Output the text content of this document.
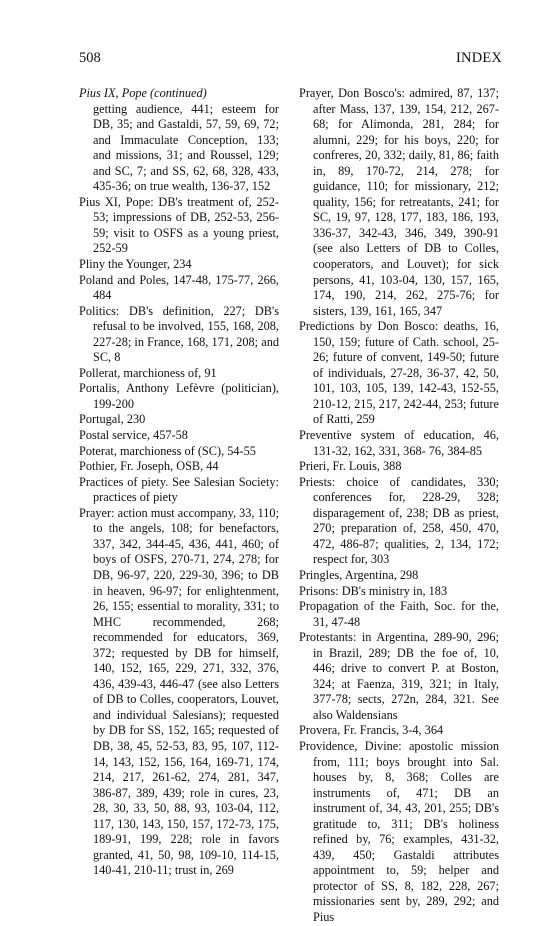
508	INDEX

Pius IX, Pope (continued)

getting audience, 441; esteem for DB, 35; and Gastaldi, 57, 59, 69, 72; and Immaculate Conception, 133; and missions, 31; and Roussel, 129; and SC, 7; and SS, 62, 68, 328, 433, 435-36; on true wealth, 136-37, 152

Pius XI, Pope: DB's treatment of, 252-53; impressions of DB, 252-53, 256-59; visit to OSFS as a young priest, 252-59

Pliny the Younger, 234

Poland and Poles, 147-48, 175-77, 266, 484

Politics: DB's definition, 227; DB's refusal to be involved, 155, 168, 208, 227-28; in France, 168, 171, 208; and SC, 8

Pollerat, marchioness of, 91

Portalis, Anthony Lefèvre (politician), 199-200

Portugal, 230

Postal service, 457-58

Poterat, marchioness of (SC), 54-55

Pothier, Fr. Joseph, OSB, 44

Practices of piety. See Salesian Society: practices of piety

Prayer: action must accompany, 33, 110; to the angels, 108; for benefactors, 337, 342, 344-45, 436, 441, 460; of boys of OSFS, 270-71, 274, 278; for DB, 96-97, 220, 229-30, 396; to DB in heaven, 96-97; for enlightenment, 26, 155; essential to morality, 331; to MHC recommended, 268; recommended for educators, 369, 372; requested by DB for himself, 140, 152, 165, 229, 271, 332, 376, 436, 439-43, 446-47 (see also Letters of DB to Colles, cooperators, Louvet, and individual Salesians); requested by DB for SS, 152, 165; requested of DB, 38, 45, 52-53, 83, 95, 107, 112-14, 143, 152, 156, 164, 169-71, 174, 214, 217, 261-62, 274, 281, 347, 386-87, 389, 439; role in cures, 23, 28, 30, 33, 50, 88, 93, 103-04, 112, 117, 130, 143, 150, 157, 172-73, 175, 189-91, 199, 228; role in favors granted, 41, 50, 98, 109-10, 114-15, 140-41, 210-11; trust in, 269

Prayer, Don Bosco's: admired, 87, 137; after Mass, 137, 139, 154, 212, 267-68; for Alimonda, 281, 284; for alumni, 229; for his boys, 220; for confreres, 20, 332; daily, 81, 86; faith in, 89, 170-72, 214, 278; for guidance, 110; for missionary, 212; quality, 156; for retreatants, 241; for SC, 19, 97, 128, 177, 183, 186, 193, 336-37, 342-43, 346, 349, 390-91 (see also Letters of DB to Colles, cooperators, and Louvet); for sick persons, 41, 103-04, 130, 157, 165, 174, 190, 214, 262, 275-76; for sisters, 139, 161, 165, 347

Predictions by Don Bosco: deaths, 16, 150, 159; future of Cath. school, 25-26; future of convent, 149-50; future of individuals, 27-28, 36-37, 42, 50, 101, 103, 105, 139, 142-43, 152-55, 210-12, 215, 217, 242-44, 253; future of Ratti, 259

Preventive system of education, 46, 131-32, 162, 331, 368- 76, 384-85

Prieri, Fr. Louis, 388

Priests: choice of candidates, 330; conferences for, 228-29, 328; disparagement of, 238; DB as priest, 270; preparation of, 258, 450, 470, 472, 486-87; qualities, 2, 134, 172; respect for, 303

Pringles, Argentina, 298

Prisons: DB's ministry in, 183

Propagation of the Faith, Soc. for the, 31, 47-48

Protestants: in Argentina, 289-90, 296; in Brazil, 289; DB the foe of, 10, 446; drive to convert P. at Boston, 324; at Faenza, 319, 321; in Italy, 377-78; sects, 272n, 284, 321. See also Waldensians

Provera, Fr. Francis, 3-4, 364

Providence, Divine: apostolic mission from, 111; boys brought into Sal. houses by, 8, 368; Colles are instruments of, 471; DB an instrument of, 34, 43, 201, 255; DB's gratitude to, 311; DB's holiness refined by, 76; examples, 431-32, 439, 450; Gastaldi attributes appointment to, 59; helper and protector of SS, 8, 182, 228, 267; missionaries sent by, 289, 292; and Pius
